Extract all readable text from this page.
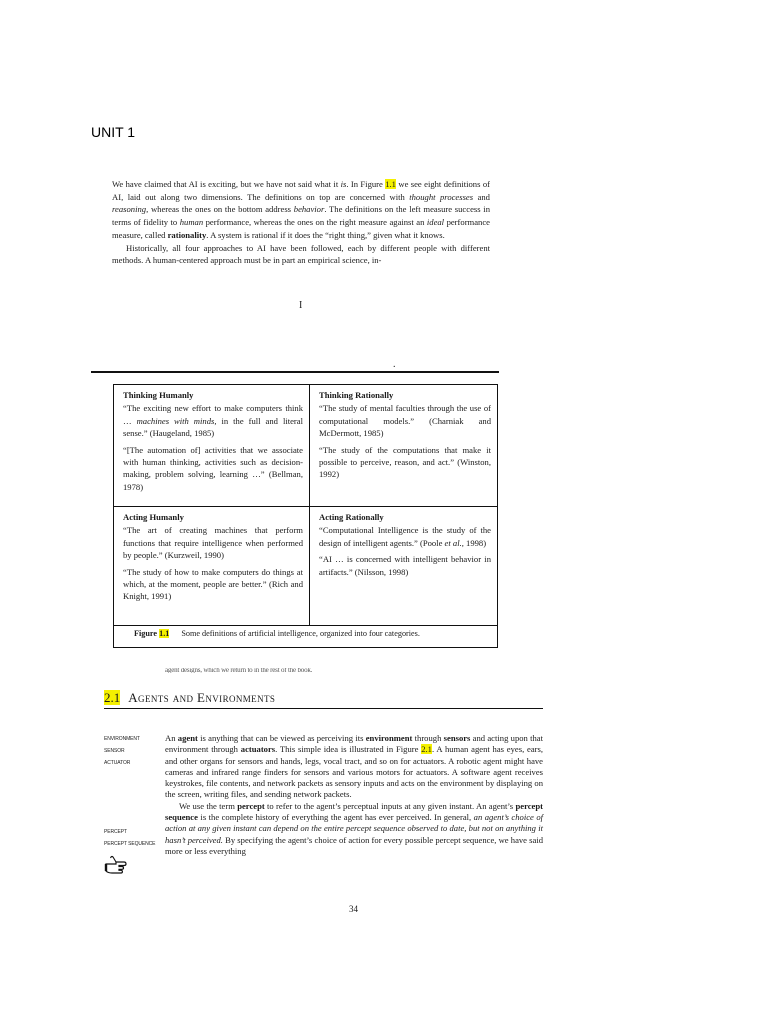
UNIT 1

We have claimed that AI is exciting, but we have not said what it is. In Figure 1.1 we see eight definitions of AI, laid out along two dimensions. The definitions on top are concerned with thought processes and reasoning, whereas the ones on the bottom address behavior. The definitions on the left measure success in terms of fidelity to human performance, whereas the ones on the right measure against an ideal performance measure, called rationality. A system is rational if it does the “right thing,” given what it knows.

Historically, all four approaches to AI have been followed, each by different people with different methods. A human-centered approach must be in part an empirical science, in-

I
.
Thinking Humanly

“The exciting new effort to make computers think … machines with minds, in the full and literal sense.” (Haugeland, 1985)

“[The automation of] activities that we associate with human thinking, activities such as decision-making, problem solving, learning …” (Bellman, 1978)

Thinking Rationally

“The study of mental faculties through the use of computational models.” (Charniak and McDermott, 1985)

“The study of the computations that make it possible to perceive, reason, and act.” (Winston, 1992)

Acting Humanly

“The art of creating machines that perform functions that require intelligence when performed by people.” (Kurzweil, 1990)

“The study of how to make computers do things at which, at the moment, people are better.” (Rich and Knight, 1991)

Acting Rationally

“Computational Intelligence is the study of the design of intelligent agents.” (Poole et al., 1998)

“AI … is concerned with intelligent behavior in artifacts.” (Nilsson, 1998)

Figure 1.1 Some definitions of artificial intelligence, organized into four categories.
agent designs, which we return to in the rest of the book.
2.1 Agents and Environments
ENVIRONMENT
SENSOR
ACTUATOR
PERCEPT
PERCEPT SEQUENCE

An agent is anything that can be viewed as perceiving its environment through sensors and acting upon that environment through actuators. This simple idea is illustrated in Figure 2.1. A human agent has eyes, ears, and other organs for sensors and hands, legs, vocal tract, and so on for actuators. A robotic agent might have cameras and infrared range finders for sensors and various motors for actuators. A software agent receives keystrokes, file contents, and network packets as sensory inputs and acts on the environment by displaying on the screen, writing files, and sending network packets.

We use the term percept to refer to the agent’s perceptual inputs at any given instant. An agent’s percept sequence is the complete history of everything the agent has ever perceived. In general, an agent’s choice of action at any given instant can depend on the entire percept sequence observed to date, but not on anything it hasn’t perceived. By specifying the agent’s choice of action for every possible percept sequence, we have said more or less everything

34
